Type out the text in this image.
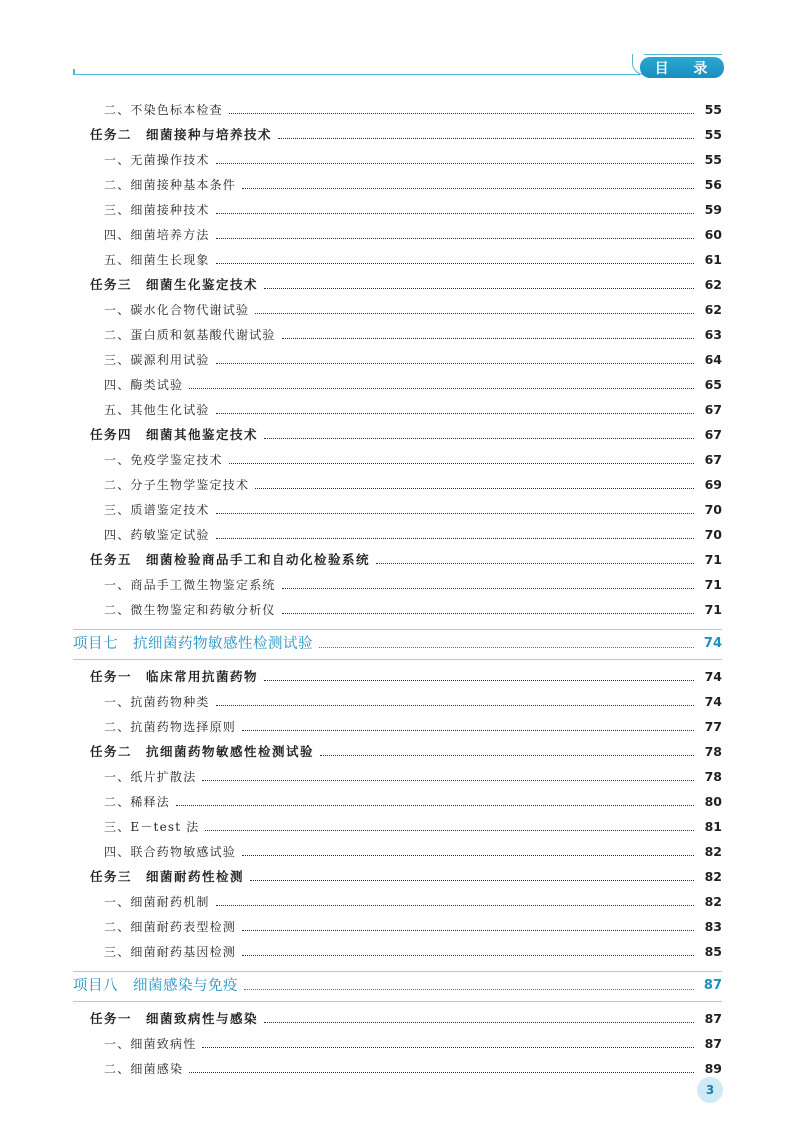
目 录
二、不染色标本检查	55
任务二　细菌接种与培养技术	55
一、无菌操作技术	55
二、细菌接种基本条件	56
三、细菌接种技术	59
四、细菌培养方法	60
五、细菌生长现象	61
任务三　细菌生化鉴定技术	62
一、碳水化合物代谢试验	62
二、蛋白质和氨基酸代谢试验	63
三、碳源利用试验	64
四、酶类试验	65
五、其他生化试验	67
任务四　细菌其他鉴定技术	67
一、免疫学鉴定技术	67
二、分子生物学鉴定技术	69
三、质谱鉴定技术	70
四、药敏鉴定试验	70
任务五　细菌检验商品手工和自动化检验系统	71
一、商品手工微生物鉴定系统	71
二、微生物鉴定和药敏分析仪	71
项目七　抗细菌药物敏感性检测试验	74
任务一　临床常用抗菌药物	74
一、抗菌药物种类	74
二、抗菌药物选择原则	77
任务二　抗细菌药物敏感性检测试验	78
一、纸片扩散法	78
二、稀释法	80
三、E－test 法	81
四、联合药物敏感试验	82
任务三　细菌耐药性检测	82
一、细菌耐药机制	82
二、细菌耐药表型检测	83
三、细菌耐药基因检测	85
项目八　细菌感染与免疫	87
任务一　细菌致病性与感染	87
一、细菌致病性	87
二、细菌感染	89
3
